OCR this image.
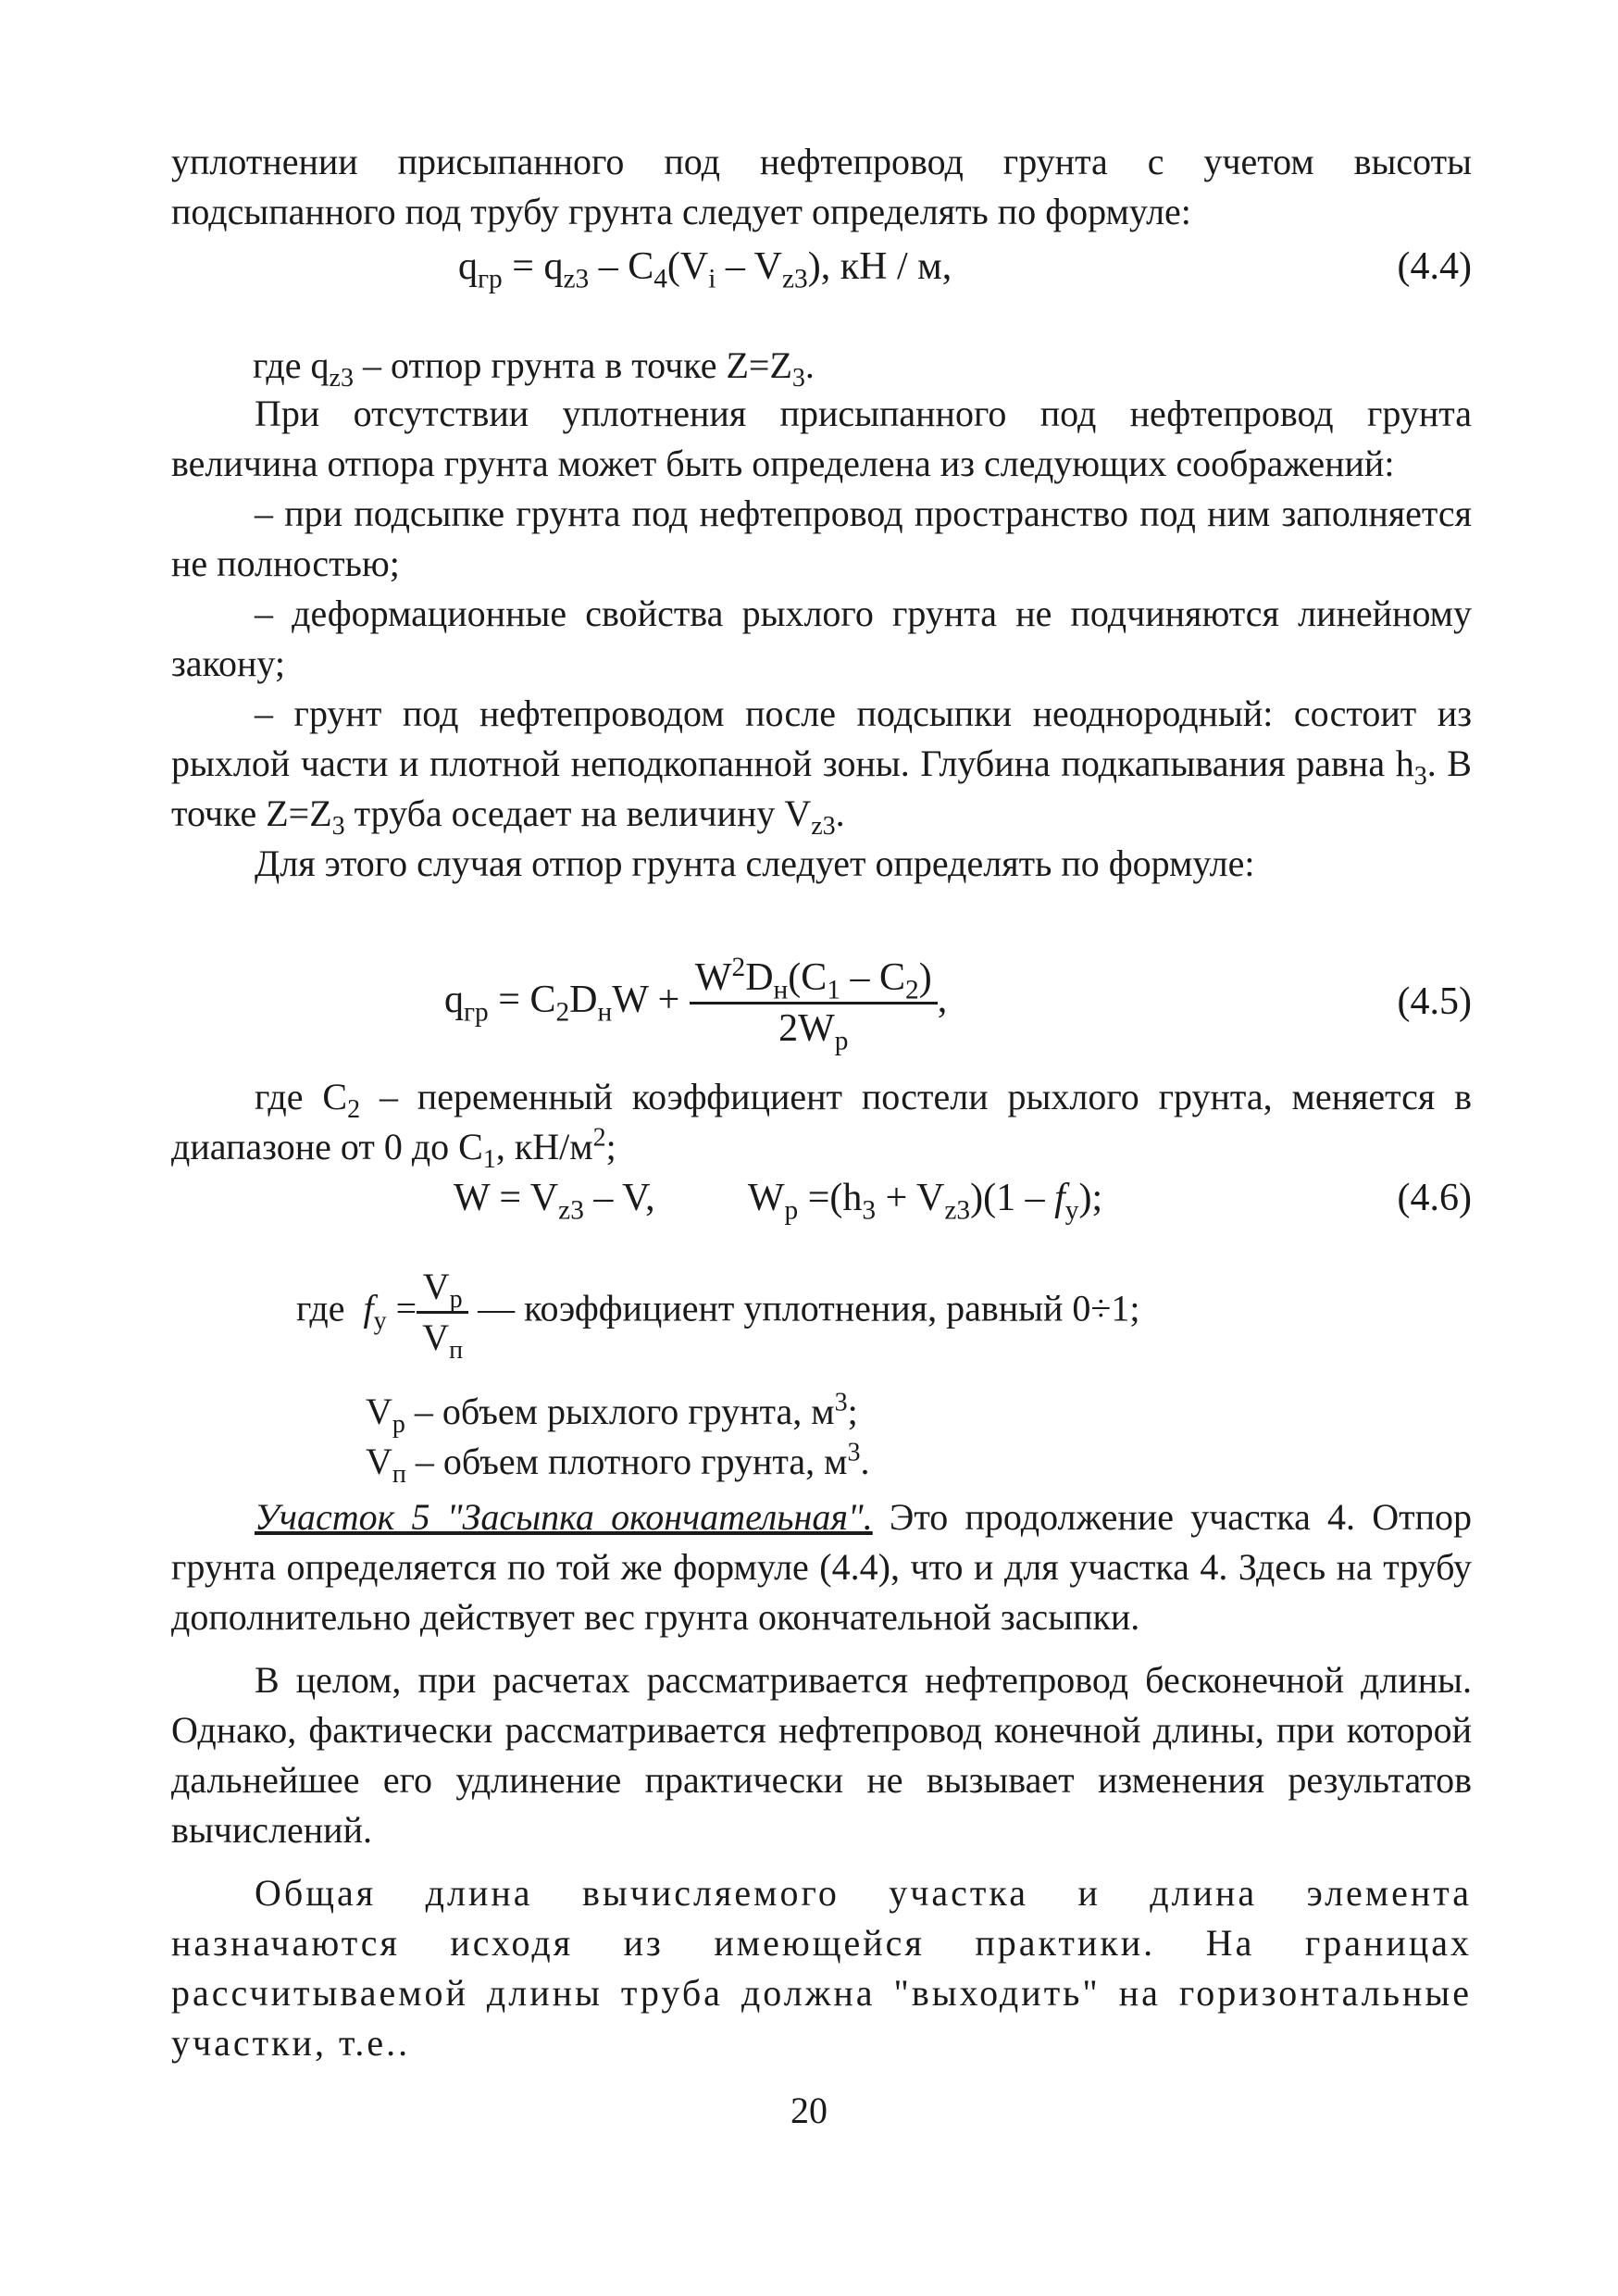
уплотнении присыпанного под нефтепровод грунта с учетом высоты подсыпанного под трубу грунта следует определять по формуле:

$q_{гр} = q_{z3} - C_4(V_i - V_{z3})$, кН / м,	(4.4)

где $q_{z3}$ – отпор грунта в точке $Z=Z_3$.

При отсутствии уплотнения присыпанного под нефтепровод грунта величина отпора грунта может быть определена из следующих соображений:

– при подсыпке грунта под нефтепровод пространство под ним заполняется не полностью;

– деформационные свойства рыхлого грунта не подчиняются линейному закону;

– грунт под нефтепроводом после подсыпки неоднородный: состоит из рыхлой части и плотной неподкопанной зоны. Глубина подкапывания равна $h_3$. В точке $Z=Z_3$ труба оседает на величину $V_{z3}$.

Для этого случая отпор грунта следует определять по формуле:

$q_{гр} = C_2D_нW + \frac{W^2D_н(C_1 - C_2)}{2W_р}$ ,	(4.5)

где $C_2$ – переменный коэффициент постели рыхлого грунта, меняется в диапазоне от 0 до $C_1$, $кН/м^2$;

$W = V_{z3} - V$, $W_р =(h_3 + V_{z3})(1 - f_у)$;	(4.6)
где $f_у = \frac{V_р}{V_п}$ — коэффициент уплотнения, равный 0÷1;

$V_р$ – объем рыхлого грунта, $м^3$;

$V_п$ – объем плотного грунта, $м^3$.

Участок 5 "Засыпка окончательная". Это продолжение участка 4. Отпор грунта определяется по той же формуле (4.4), что и для участка 4. Здесь на трубу дополнительно действует вес грунта окончательной засыпки.

В целом, при расчетах рассматривается нефтепровод бесконечной длины. Однако, фактически рассматривается нефтепровод конечной длины, при которой дальнейшее его удлинение практически не вызывает изменения результатов вычислений.

Общая длина вычисляемого участка и длина элемента назначаются исходя из имеющейся практики. На границах рассчитываемой длины труба должна "выходить" на горизонтальные участки, т.е..

20
